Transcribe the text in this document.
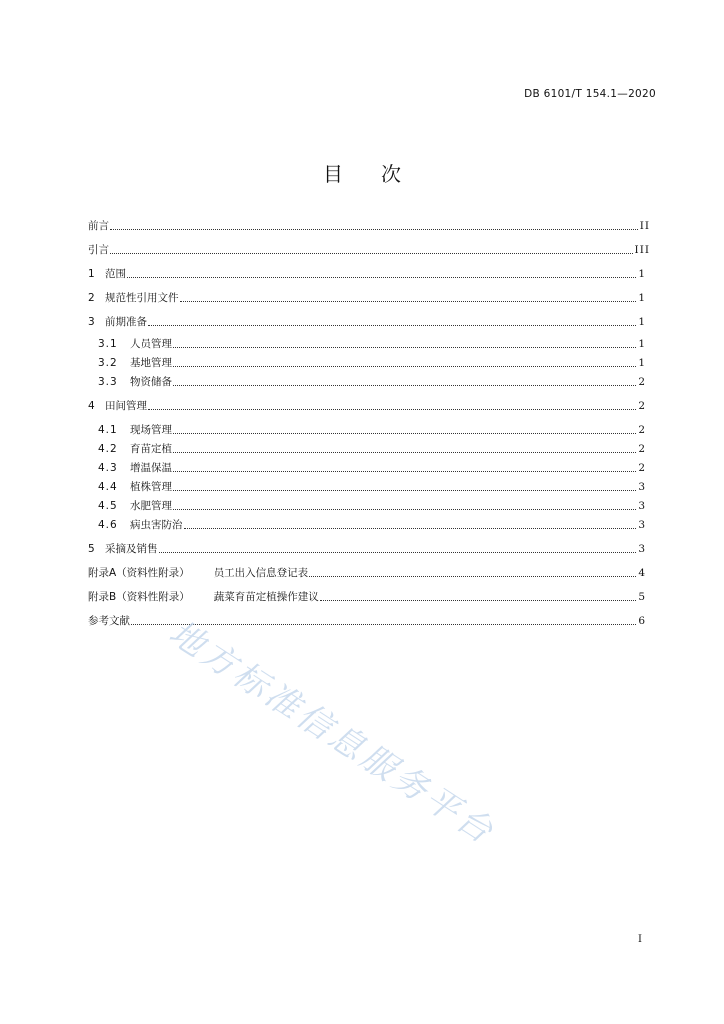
DB 6101/T 154.1—2020
目 次
前言	II
引言	III
1 范围	1
2 规范性引用文件	1
3 前期准备	1
3.1	人员管理	1
3.2	基地管理	1
3.3	物资储备	2
4 田间管理	2
4.1	现场管理	2
4.2	育苗定植	2
4.3	增温保温	2
4.4	植株管理	3
4.5	水肥管理	3
4.6	病虫害防治	3
5 采摘及销售	3
附录A（资料性附录） 员工出入信息登记表	4
附录B（资料性附录） 蔬菜育苗定植操作建议	5
参考文献	6
地方标准信息服务平台
I
